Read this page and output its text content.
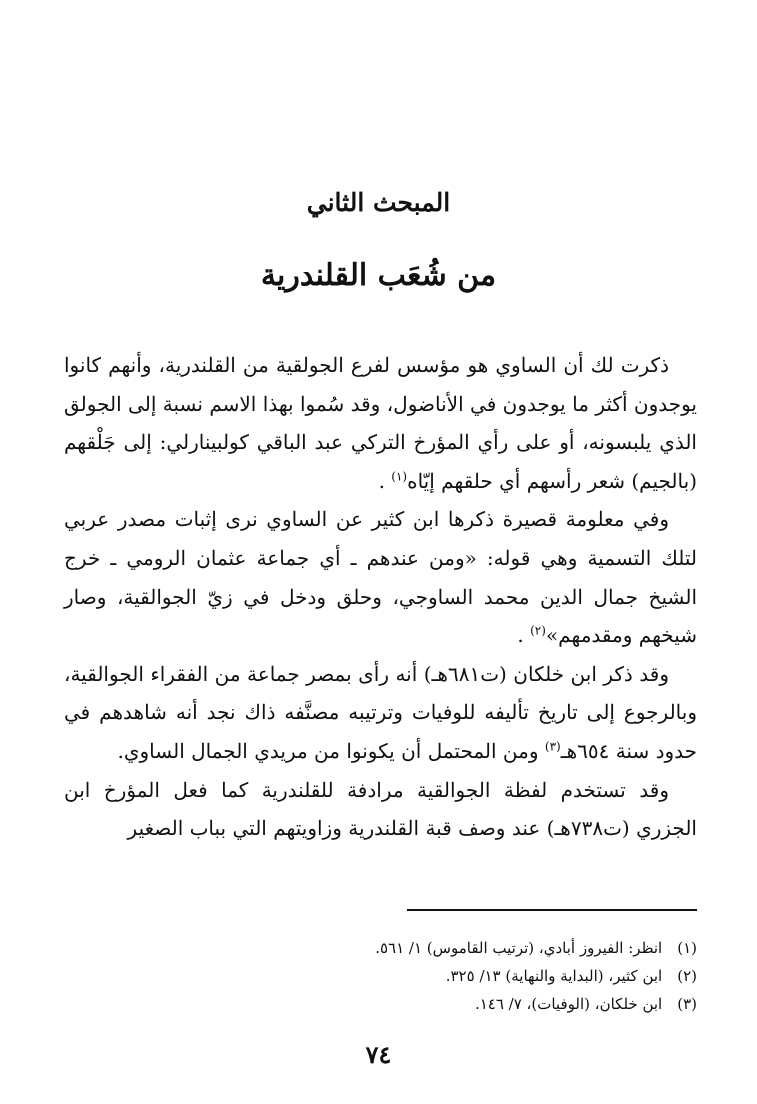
المبحث الثاني
من شُعَب القلندرية

ذكرت لك أن الساوي هو مؤسس لفرع الجولقية من القلندرية، وأنهم كانوا يوجدون أكثر ما يوجدون في الأناضول، وقد سُموا بهذا الاسم نسبة إلى الجولق الذي يلبسونه، أو على رأي المؤرخ التركي عبد الباقي كولبينارلي: إلى جَلْقهم (بالجيم) شعر رأسهم أي حلقهم إيّاه$^{(١)}$ .

وفي معلومة قصيرة ذكرها ابن كثير عن الساوي نرى إثبات مصدر عربي لتلك التسمية وهي قوله: «ومن عندهم ـ أي جماعة عثمان الرومي ـ خرج الشيخ جمال الدين محمد الساوجي، وحلق ودخل في زيّ الجوالقية، وصار شيخهم ومقدمهم»$^{(٢)}$ .

وقد ذكر ابن خلكان (ت٦٨١هـ) أنه رأى بمصر جماعة من الفقراء الجوالقية، وبالرجوع إلى تاريخ تأليفه للوفيات وترتيبه مصنَّفه ذاك نجد أنه شاهدهم في حدود سنة ٦٥٤هـ$^{(٣)}$ ومن المحتمل أن يكونوا من مريدي الجمال الساوي.

وقد تستخدم لفظة الجوالقية مرادفة للقلندرية كما فعل المؤرخ ابن الجزري (ت٧٣٨هـ) عند وصف قبة القلندرية وزاويتهم التي بباب الصغير

(١) انظر: الفيروز أبادي، (ترتيب القاموس) ١/ ٥٦١.
(٢) ابن كثير، (البداية والنهاية) ١٣/ ٣٢٥.
(٣) ابن خلكان، (الوفيات)، ٧/ ١٤٦.
٧٤
